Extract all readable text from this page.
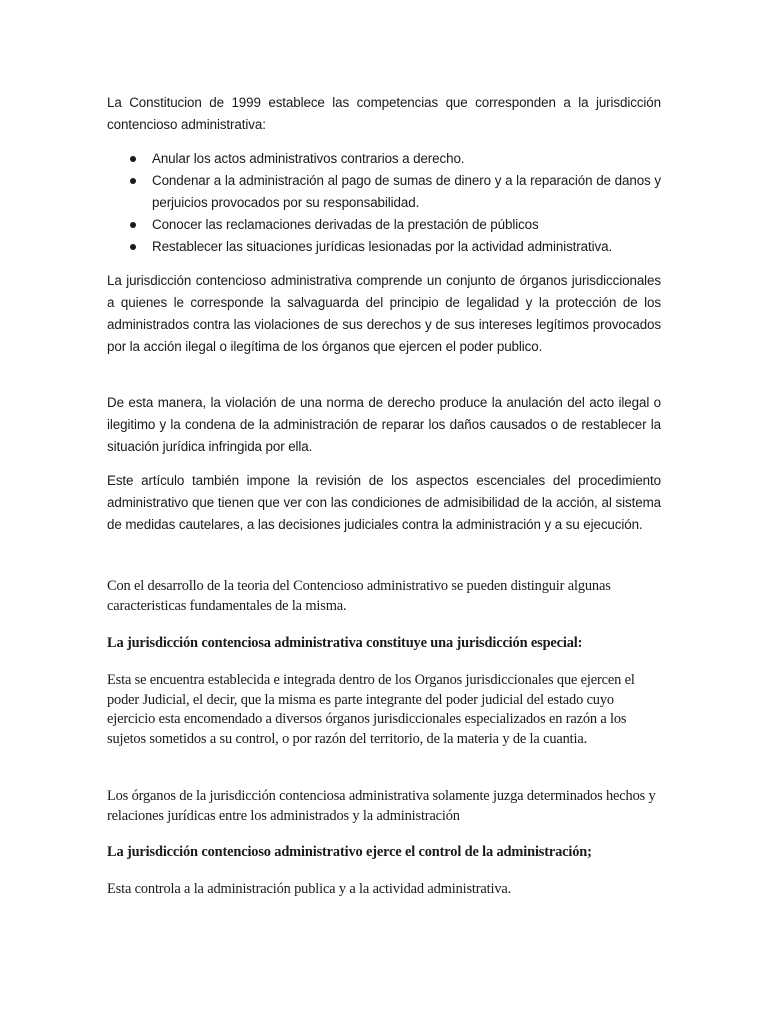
La Constitucion de 1999 establece las competencias que corresponden a la jurisdicción contencioso administrativa:

Anular los actos administrativos contrarios a derecho.
Condenar a la administración al pago de sumas de dinero y a la reparación de danos y perjuicios provocados por su responsabilidad.
Conocer las reclamaciones derivadas de la prestación de públicos
Restablecer las situaciones jurídicas lesionadas por la actividad administrativa.

La jurisdicción contencioso administrativa comprende un conjunto de órganos jurisdiccionales a quienes le corresponde la salvaguarda del principio de legalidad y la protección de los administrados contra las violaciones de sus derechos y de sus intereses legítimos provocados por la acción ilegal o ilegítima de los órganos que ejercen el poder publico.

De esta manera, la violación de una norma de derecho produce la anulación del acto ilegal o ilegitimo y la condena de la administración de reparar los daños causados o de restablecer la situación jurídica infringida por ella.

Este artículo también impone la revisión de los aspectos escenciales del procedimiento administrativo que tienen que ver con las condiciones de admisibilidad de la acción, al sistema de medidas cautelares, a las decisiones judiciales contra la administración y a su ejecución.

Con el desarrollo de la teoria del Contencioso administrativo se pueden distinguir algunas caracteristicas fundamentales de la misma.

La jurisdicción contenciosa administrativa constituye una jurisdicción especial:

Esta se encuentra establecida e integrada dentro de los Organos jurisdiccionales que ejercen el poder Judicial, el decir, que la misma es parte integrante del poder judicial del estado cuyo ejercicio esta encomendado a diversos órganos jurisdiccionales especializados en razón a los sujetos sometidos a su control, o por razón del territorio, de la materia y de la cuantia.

Los órganos de la jurisdicción contenciosa administrativa solamente juzga determinados hechos y relaciones jurídicas entre los administrados y la administración

La jurisdicción contencioso administrativo ejerce el control de la administración;

Esta controla a la administración publica y a la actividad administrativa.
